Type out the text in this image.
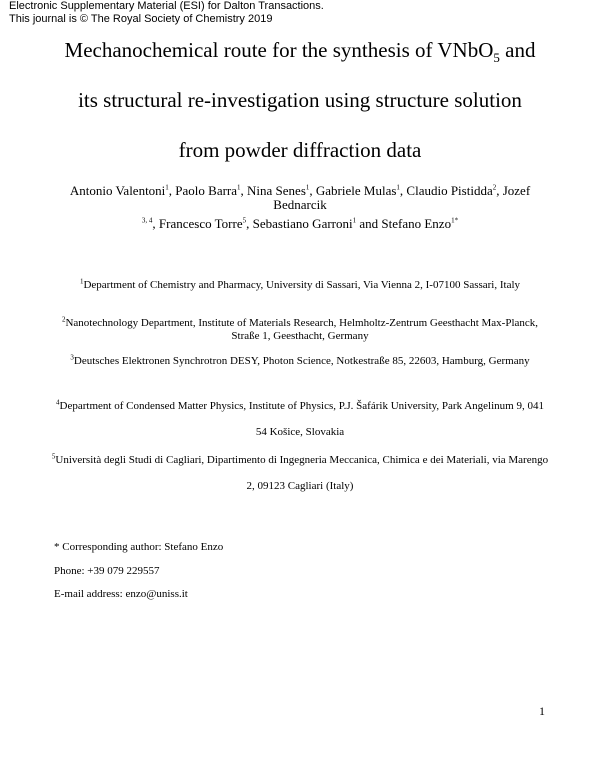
Electronic Supplementary Material (ESI) for Dalton Transactions.
This journal is © The Royal Society of Chemistry 2019
Mechanochemical route for the synthesis of VNbO$_5$ and
its structural re-investigation using structure solution
from powder diffraction data
Antonio Valentoni$^1$, Paolo Barra$^1$, Nina Senes$^1$, Gabriele Mulas$^1$, Claudio Pistidda$^2$, Jozef Bednarcik
$^{3, 4}$, Francesco Torre$^5$, Sebastiano Garroni$^1$ and Stefano Enzo$^{1*}$
$^1$Department of Chemistry and Pharmacy, University di Sassari, Via Vienna 2, I-07100 Sassari, Italy
$^2$Nanotechnology Department, Institute of Materials Research, Helmholtz-Zentrum Geesthacht Max-Planck, Straße 1, Geesthacht, Germany
$^3$Deutsches Elektronen Synchrotron DESY, Photon Science, Notkestraße 85, 22603, Hamburg, Germany
$^4$Department of Condensed Matter Physics, Institute of Physics, P.J. Šafárik University, Park Angelinum 9, 041 54 Košice, Slovakia
$^5$Università degli Studi di Cagliari, Dipartimento di Ingegneria Meccanica, Chimica e dei Materiali, via Marengo 2, 09123 Cagliari (Italy)
* Corresponding author: Stefano Enzo
Phone: +39 079 229557
E-mail address: enzo@uniss.it
1
